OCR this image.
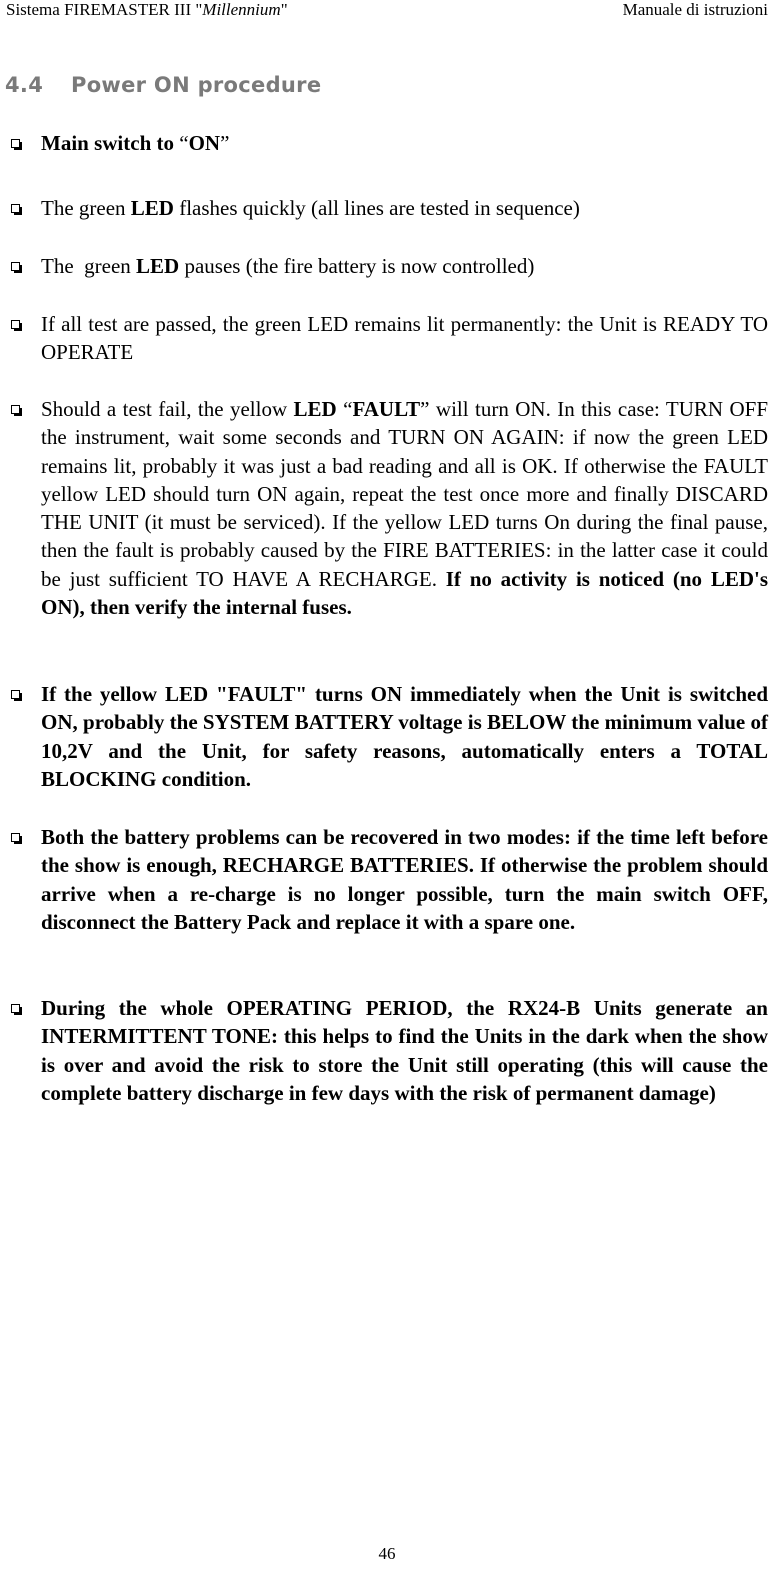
Sistema FIREMASTER III "Millennium"	Manuale di istruzioni
4.4 Power ON procedure
Main switch to “ON”
The green LED flashes quickly (all lines are tested in sequence)
The  green LED pauses (the fire battery is now controlled)
If all test are passed, the green LED remains lit permanently: the Unit is READY TO OPERATE
Should a test fail, the yellow LED “FAULT” will turn ON. In this case: TURN OFF the instrument, wait some seconds and TURN ON AGAIN: if now the green LED remains lit, probably it was just a bad reading and all is OK. If otherwise the FAULT yellow LED should turn ON again, repeat the test once more and finally DISCARD THE UNIT (it must be serviced). If the yellow LED turns On during the final pause, then the fault is probably caused by the FIRE BATTERIES: in the latter case it could be just sufficient TO HAVE A RECHARGE. If no activity is noticed (no LED's ON), then verify the internal fuses.
If the yellow LED "FAULT" turns ON immediately when the Unit is switched ON, probably the SYSTEM BATTERY voltage is BELOW the minimum value of 10,2V and the Unit, for safety reasons, automatically enters a TOTAL BLOCKING condition.
Both the battery problems can be recovered in two modes: if the time left before the show is enough, RECHARGE BATTERIES. If otherwise the problem should arrive when a re-charge is no longer possible, turn the main switch OFF, disconnect the Battery Pack and replace it with a spare one.
During the whole OPERATING PERIOD, the RX24-B Units generate an INTERMITTENT TONE: this helps to find the Units in the dark when the show is over and avoid the risk to store the Unit still operating (this will cause the complete battery discharge in few days with the risk of permanent damage)
46
